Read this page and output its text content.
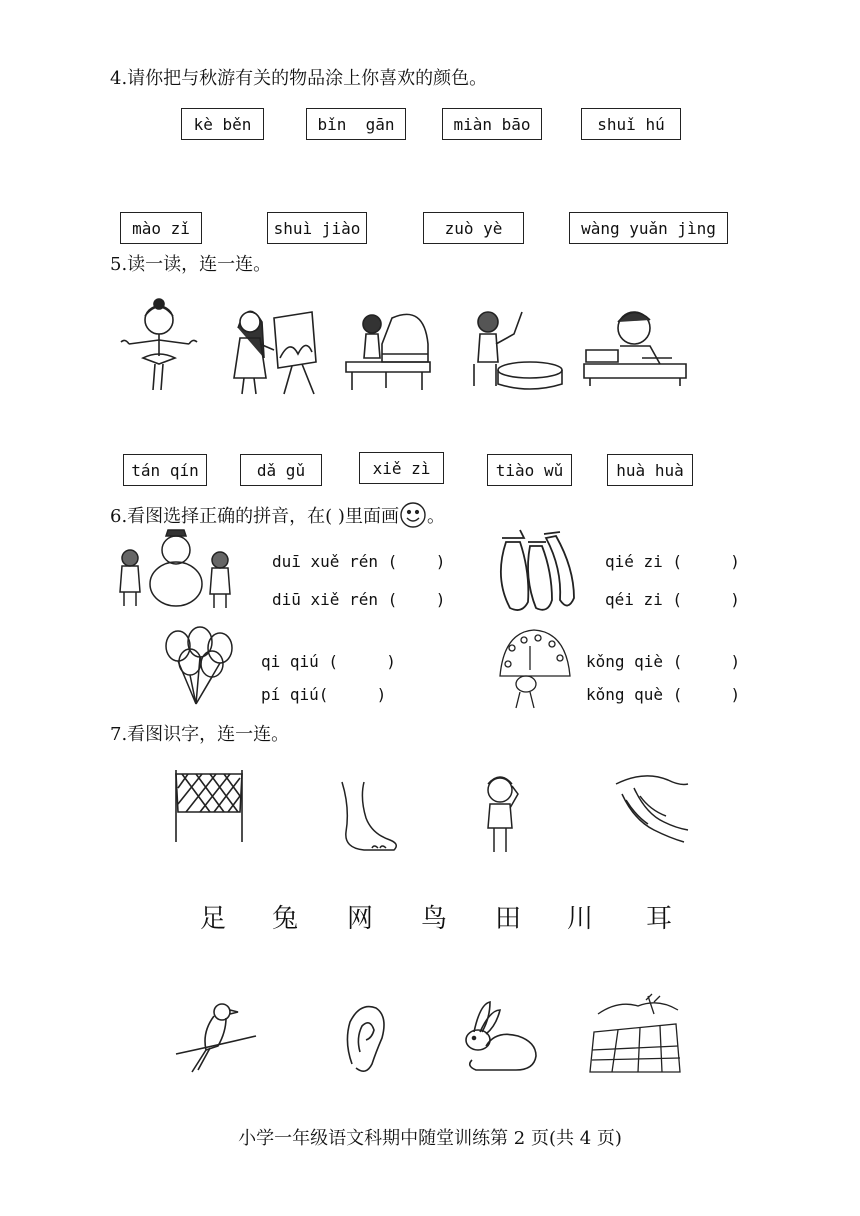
4.请你把与秋游有关的物品涂上你喜欢的颜色。
kè běn	bǐn  gān	miàn bāo	shuǐ hú
mào zǐ	shuì jiào	zuò yè	wàng yuǎn jìng
5.读一读，连一连。
tán qín	dǎ gǔ	xiě zì	tiào wǔ	huà huà
6.看图选择正确的拼音，在( )里面画 。
duī xuě rén (    )
diū xiě rén (    )
qié zi (     )
qéi zi (     )
qi qiú (     )
pí qiú(     )
kǒng qiè (     )
kǒng què (     )
7.看图识字，连一连。
足 兔 网 鸟 田 川 耳
小学一年级语文科期中随堂训练第 2 页(共 4 页)
